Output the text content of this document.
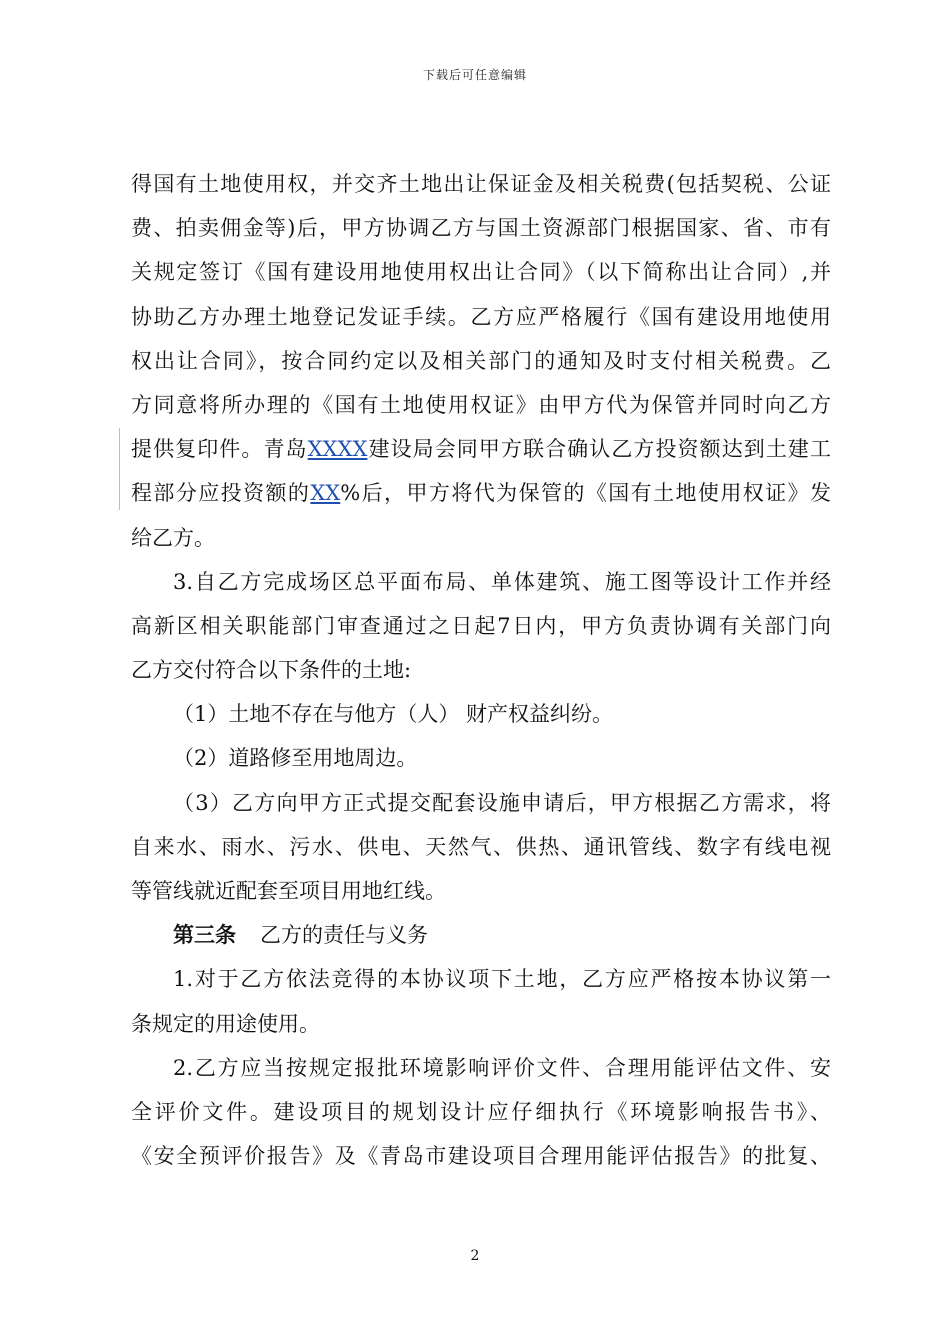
下载后可任意编辑
得国有土地使用权，并交齐土地出让保证金及相关税费(包括契税、公证
费、拍卖佣金等)后，甲方协调乙方与国土资源部门根据国家、省、市有
关规定签订《国有建设用地使用权出让合同》（以下简称出让合同）,并
协助乙方办理土地登记发证手续。乙方应严格履行《国有建设用地使用
权出让合同》，按合同约定以及相关部门的通知及时支付相关税费。乙
方同意将所办理的《国有土地使用权证》由甲方代为保管并同时向乙方
提供复印件。青岛XXXX建设局会同甲方联合确认乙方投资额达到土建工
程部分应投资额的XX%后，甲方将代为保管的《国有土地使用权证》发
给乙方。
3.自乙方完成场区总平面布局、单体建筑、施工图等设计工作并经
高新区相关职能部门审查通过之日起7日内，甲方负责协调有关部门向
乙方交付符合以下条件的土地:
（1）土地不存在与他方（人） 财产权益纠纷。
（2）道路修至用地周边。
（3）乙方向甲方正式提交配套设施申请后，甲方根据乙方需求，将
自来水、雨水、污水、供电、天然气、供热、通讯管线、数字有线电视
等管线就近配套至项目用地红线。
第三条 乙方的责任与义务
1.对于乙方依法竞得的本协议项下土地，乙方应严格按本协议第一
条规定的用途使用。
2.乙方应当按规定报批环境影响评价文件、合理用能评估文件、安
全评价文件。建设项目的规划设计应仔细执行《环境影响报告书》、
《安全预评价报告》及《青岛市建设项目合理用能评估报告》的批复、
2
